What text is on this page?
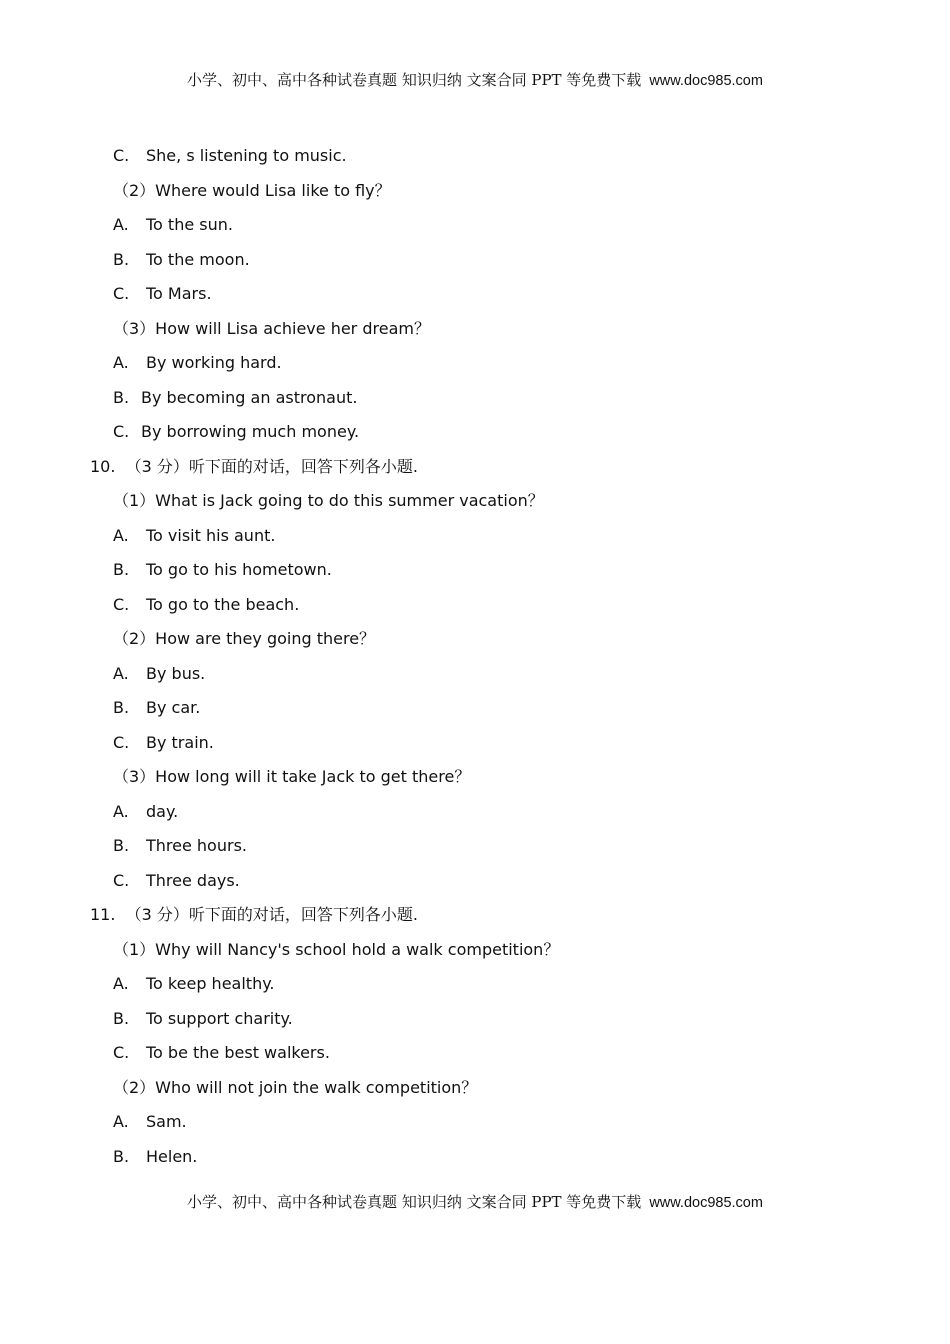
小学、初中、高中各种试卷真题 知识归纳 文案合同 PPT 等免费下载 www.doc985.com
C. She, s listening to music.
（2）Where would Lisa like to fly？
A. To the sun.
B. To the moon.
C. To Mars.
（3）How will Lisa achieve her dream？
A. By working hard.
B. By becoming an astronaut.
C. By borrowing much money.
10.  （3 分）听下面的对话，回答下列各小题.
（1）What is Jack going to do this summer vacation？
A. To visit his aunt.
B. To go to his hometown.
C. To go to the beach.
（2）How are they going there？
A. By bus.
B. By car.
C. By train.
（3）How long will it take Jack to get there？
A. day.
B. Three hours.
C. Three days.
11.  （3 分）听下面的对话，回答下列各小题.
（1）Why will Nancy's school hold a walk competition？
A. To keep healthy.
B. To support charity.
C. To be the best walkers.
（2）Who will not join the walk competition？
A. Sam.
B. Helen.
小学、初中、高中各种试卷真题 知识归纳 文案合同 PPT 等免费下载 www.doc985.com
